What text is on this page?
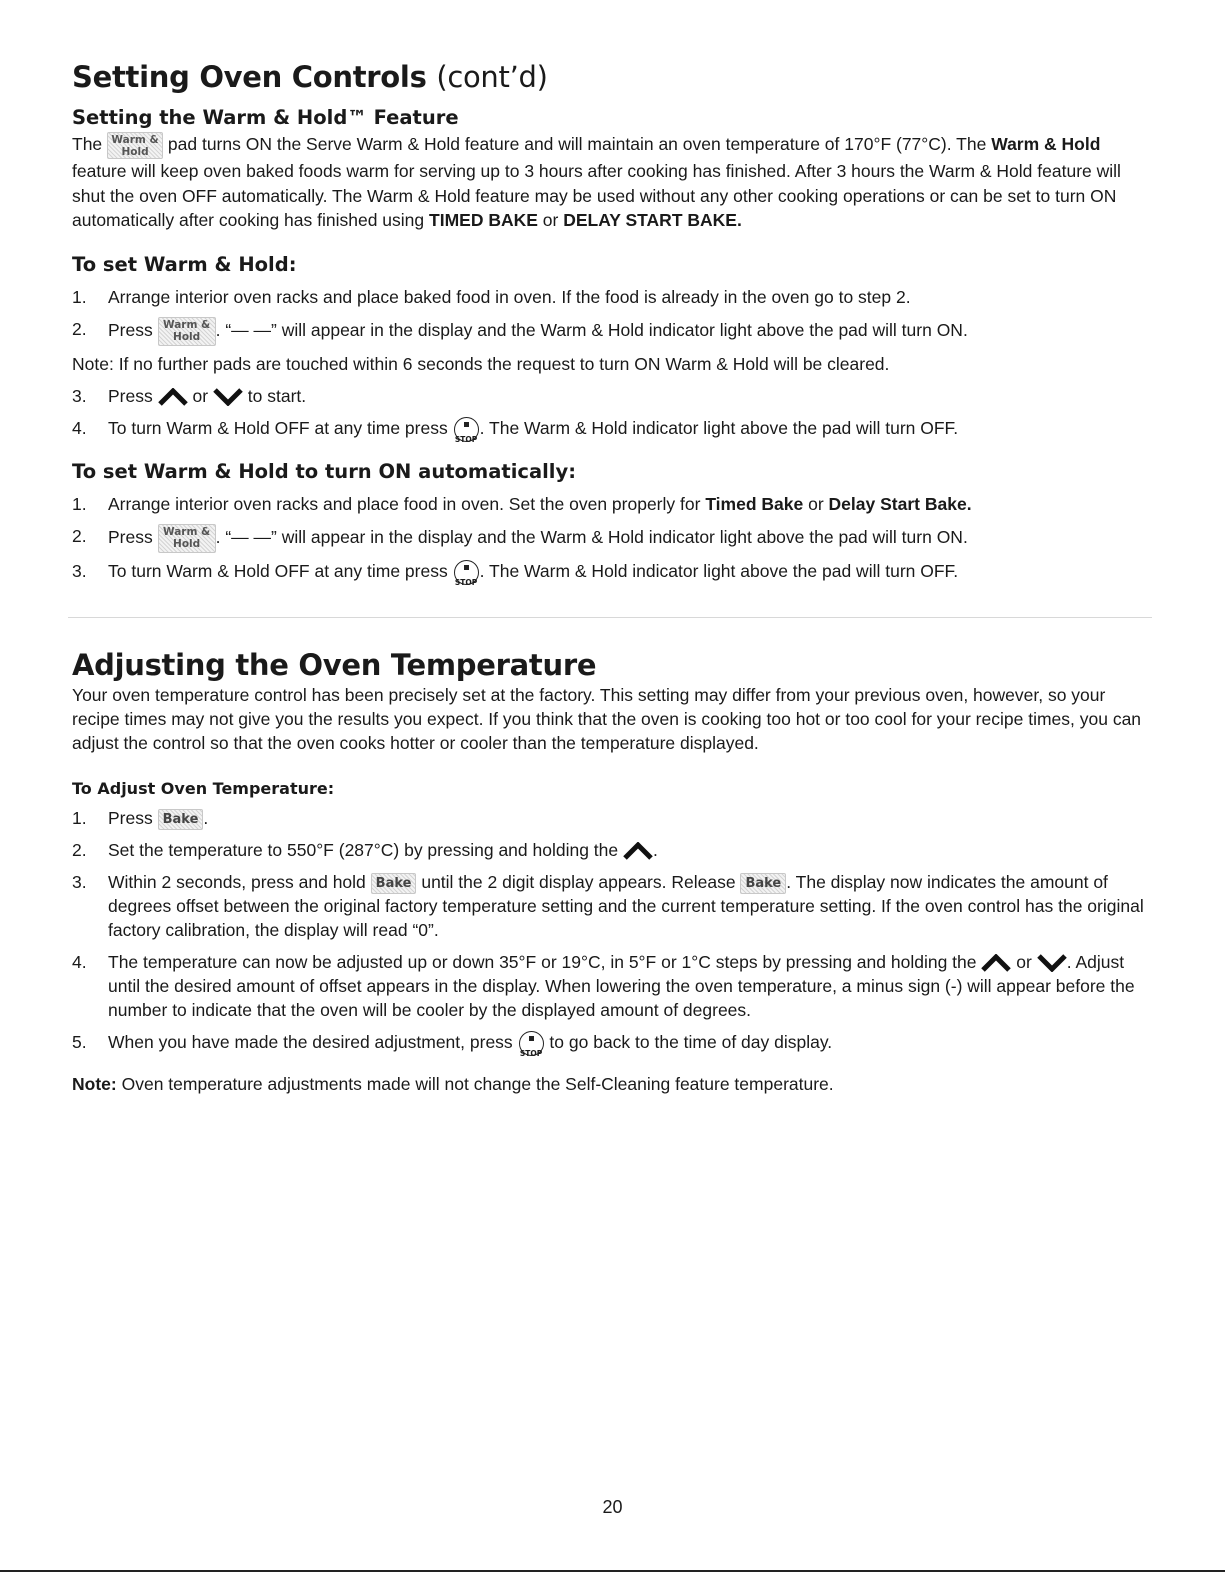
Setting Oven Controls (cont’d)
Setting the Warm & Hold™ Feature

The Warm &
Hold	pad turns ON the Serve Warm & Hold feature and will maintain an oven temperature of 170°F (77°C). The Warm & Hold feature will keep oven baked foods warm for serving up to 3 hours after cooking has finished. After 3 hours the Warm & Hold feature will shut the oven OFF automatically. The Warm & Hold feature may be used without any other cooking operations or can be set to turn ON automatically after cooking has finished using TIMED BAKE or DELAY START BAKE.

To set Warm & Hold:
1. Arrange interior oven racks and place baked food in oven. If the food is already in the oven go to step 2.
2. Press Warm &
Hold . “— —” will appear in the display and the Warm & Hold indicator light above the pad will turn ON.
Note: If no further pads are touched within 6 seconds the request to turn ON Warm & Hold will be cleared.
3. Press or to start.
4. To turn Warm & Hold OFF at any time press
STOP
. The Warm & Hold indicator light above the pad will turn OFF.
To set Warm & Hold to turn ON automatically:
1. Arrange interior oven racks and place food in oven. Set the oven properly for Timed Bake or Delay Start Bake.
2. Press Warm &
Hold . “— —” will appear in the display and the Warm & Hold indicator light above the pad will turn ON.
3. To turn Warm & Hold OFF at any time press
STOP
. The Warm & Hold indicator light above the pad will turn OFF.
Adjusting the Oven Temperature

Your oven temperature control has been precisely set at the factory. This setting may differ from your previous oven, however, so your recipe times may not give you the results you expect. If you think that the oven is cooking too hot or too cool for your recipe times, you can adjust the control so that the oven cooks hotter or cooler than the temperature displayed.

To Adjust Oven Temperature:
1. Press Bake .
2. Set the temperature to 550°F (287°C) by pressing and holding the .
3. Within 2 seconds, press and hold Bake until the 2 digit display appears. Release Bake . The display now indicates the amount of degrees offset between the original factory temperature setting and the current temperature setting. If the oven control has the original factory calibration, the display will read “0”.
4. The temperature can now be adjusted up or down 35°F or 19°C, in 5°F or 1°C steps by pressing and holding the or . Adjust until the desired amount of offset appears in the display. When lowering the oven temperature, a minus sign (-) will appear before the number to indicate that the oven will be cooler by the displayed amount of degrees.
5. When you have made the desired adjustment, press
STOP
to go back to the time of day display.

Note: Oven temperature adjustments made will not change the Self-Cleaning feature temperature.

20
